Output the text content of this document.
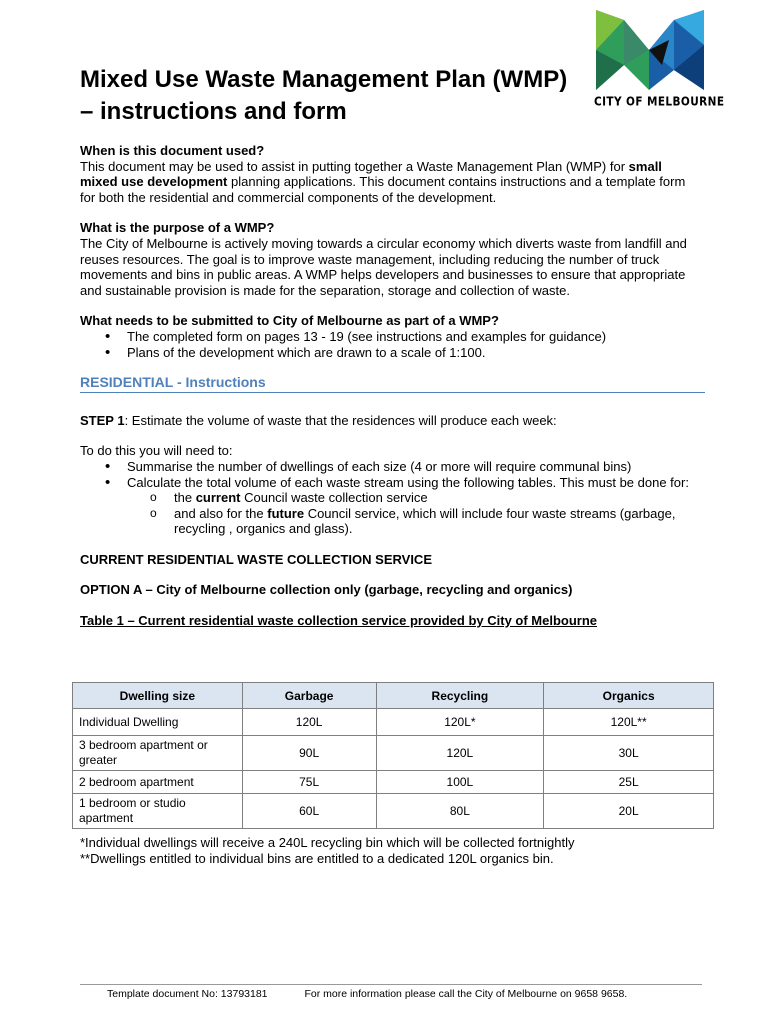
CITY OF MELBOURNE
Mixed Use Waste Management Plan (WMP) – instructions and form

When is this document used?

This document may be used to assist in putting together a Waste Management Plan (WMP) for small mixed use development planning applications. This document contains instructions and a template form for both the residential and commercial components of the development.

What is the purpose of a WMP?

The City of Melbourne is actively moving towards a circular economy which diverts waste from landfill and reuses resources. The goal is to improve waste management, including reducing the number of truck movements and bins in public areas. A WMP helps developers and businesses to ensure that appropriate and sustainable provision is made for the separation, storage and collection of waste.

What needs to be submitted to City of Melbourne as part of a WMP?

• The completed form on pages 13 - 19 (see instructions and examples for guidance)
• Plans of the development which are drawn to a scale of 1:100.
RESIDENTIAL - Instructions

STEP 1: Estimate the volume of waste that the residences will produce each week:

To do this you will need to:

• Summarise the number of dwellings of each size (4 or more will require communal bins)
• Calculate the total volume of each waste stream using the following tables. This must be done for:
o the current Council waste collection service
o and also for the future Council service, which will include four waste streams (garbage, recycling , organics and glass).

CURRENT RESIDENTIAL WASTE COLLECTION SERVICE

OPTION A – City of Melbourne collection only (garbage, recycling and organics)

Table 1 – Current residential waste collection service provided by City of Melbourne

Dwelling size	Garbage	Recycling	Organics
Individual Dwelling	120L	120L*	120L**
3 bedroom apartment or greater	90L	120L	30L
2 bedroom apartment	75L	100L	25L
1 bedroom or studio apartment	60L	80L	20L

*Individual dwellings will receive a 240L recycling bin which will be collected fortnightly

**Dwellings entitled to individual bins are entitled to a dedicated 120L organics bin.

Template document No: 13793181	For more information please call the City of Melbourne on 9658 9658.
